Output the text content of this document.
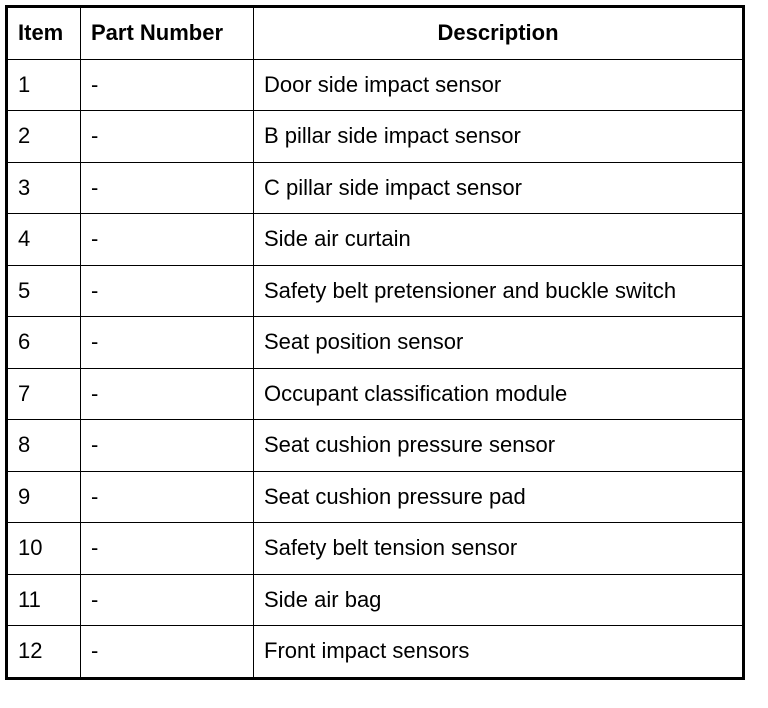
Item	Part Number	Description
1	-	Door side impact sensor
2	-	B pillar side impact sensor
3	-	C pillar side impact sensor
4	-	Side air curtain
5	-	Safety belt pretensioner and buckle switch
6	-	Seat position sensor
7	-	Occupant classification module
8	-	Seat cushion pressure sensor
9	-	Seat cushion pressure pad
10	-	Safety belt tension sensor
11	-	Side air bag
12	-	Front impact sensors
